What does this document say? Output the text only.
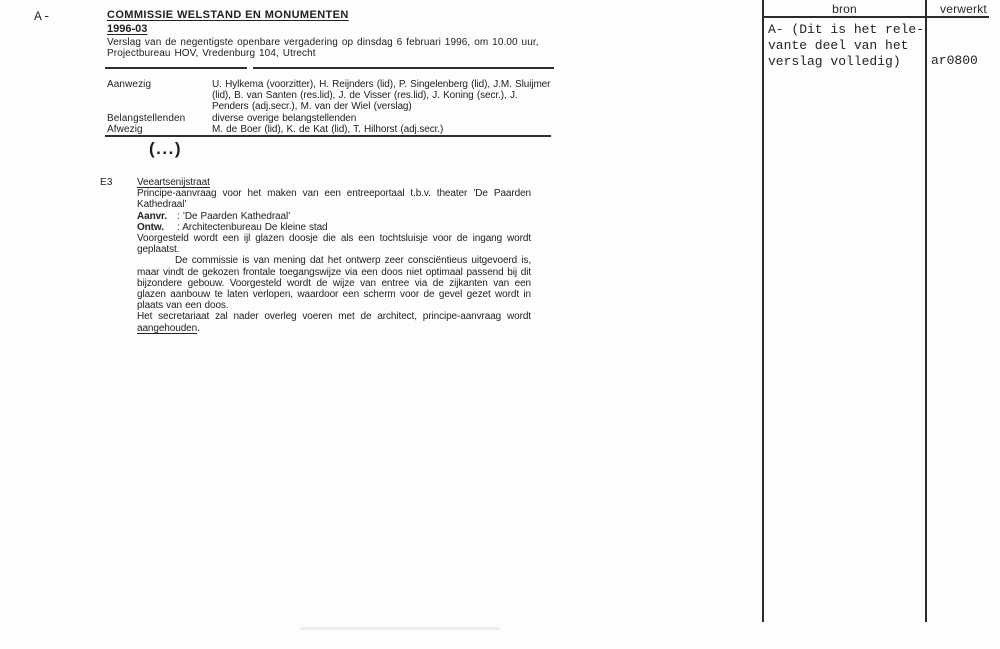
A-	COMMISSIE WELSTAND EN MONUMENTEN
1996-03
Verslag van de negentigste openbare vergadering op dinsdag 6 februari 1996, om 10.00 uur,
Projectbureau HOV, Vredenburg 104, Utrecht
Aanwezig	U. Hylkema (voorzitter), H. Reijnders (lid), P. Singelenberg (lid), J.M. Sluijmer (lid), B. van Santen (res.lid), J. de Visser (res.lid), J. Koning (secr.), J. Penders (adj.secr.), M. van der Wiel (verslag)
Belangstellenden	diverse overige belangstellenden
Afwezig	M. de Boer (lid), K. de Kat (lid), T. Hilhorst (adj.secr.)
(...)
E3	Veeartsenijstraat

Principe-aanvraag voor het maken van een entreeportaal t.b.v. theater ’De Paarden Kathedraal’

Aanvr.	: ’De Paarden Kathedraal’
Ontw.	: Architectenbureau De kleine stad

Voorgesteld wordt een ijl glazen doosje die als een tochtsluisje voor de ingang wordt geplaatst.

De commissie is van mening dat het ontwerp zeer consciëntieus uitgevoerd is, maar vindt de gekozen frontale toegangswijze via een doos niet optimaal passend bij dit bijzondere gebouw. Voorgesteld wordt de wijze van entree via de zijkanten van een glazen aanbouw te laten verlopen, waardoor een scherm voor de gevel gezet wordt in plaats van een doos.

Het secretariaat zal nader overleg voeren met de architect, principe-aanvraag wordt aangehouden.

bron	verwerkt
A- (Dit is het rele-
vante deel van het
verslag volledig)	ar0800
